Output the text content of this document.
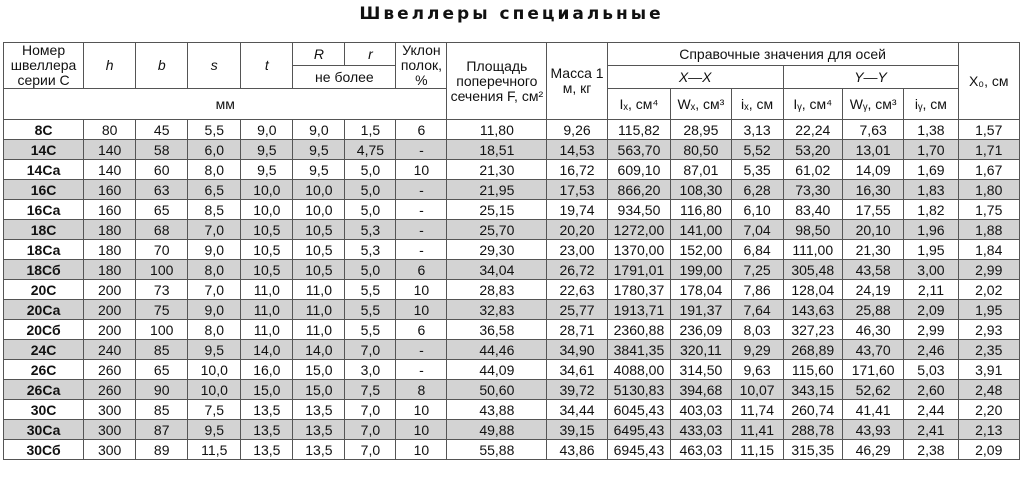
Швеллеры специальные
Номер швеллера серии С	h	b	s	t	R	r	Уклон полок, %	Площадь поперечного сечения F, см²	Масса 1 м, кг	Справочные значения для осей						X₀, см
					не более					X—X			Y—Y			
мм										Iₓ, см⁴	Wₓ, см³	iₓ, см	Iᵧ, см⁴	Wᵧ, см³	iᵧ, см	
8С	80	45	5,5	9,0	9,0	1,5	6	11,80	9,26	115,82	28,95	3,13	22,24	7,63	1,38	1,57
14С	140	58	6,0	9,5	9,5	4,75	-	18,51	14,53	563,70	80,50	5,52	53,20	13,01	1,70	1,71
14Са	140	60	8,0	9,5	9,5	5,0	10	21,30	16,72	609,10	87,01	5,35	61,02	14,09	1,69	1,67
16С	160	63	6,5	10,0	10,0	5,0	-	21,95	17,53	866,20	108,30	6,28	73,30	16,30	1,83	1,80
16Са	160	65	8,5	10,0	10,0	5,0	-	25,15	19,74	934,50	116,80	6,10	83,40	17,55	1,82	1,75
18С	180	68	7,0	10,5	10,5	5,3	-	25,70	20,20	1272,00	141,00	7,04	98,50	20,10	1,96	1,88
18Са	180	70	9,0	10,5	10,5	5,3	-	29,30	23,00	1370,00	152,00	6,84	111,00	21,30	1,95	1,84
18Сб	180	100	8,0	10,5	10,5	5,0	6	34,04	26,72	1791,01	199,00	7,25	305,48	43,58	3,00	2,99
20С	200	73	7,0	11,0	11,0	5,5	10	28,83	22,63	1780,37	178,04	7,86	128,04	24,19	2,11	2,02
20Са	200	75	9,0	11,0	11,0	5,5	10	32,83	25,77	1913,71	191,37	7,64	143,63	25,88	2,09	1,95
20Сб	200	100	8,0	11,0	11,0	5,5	6	36,58	28,71	2360,88	236,09	8,03	327,23	46,30	2,99	2,93
24С	240	85	9,5	14,0	14,0	7,0	-	44,46	34,90	3841,35	320,11	9,29	268,89	43,70	2,46	2,35
26С	260	65	10,0	16,0	15,0	3,0	-	44,09	34,61	4088,00	314,50	9,63	115,60	171,60	5,03	3,91
26Са	260	90	10,0	15,0	15,0	7,5	8	50,60	39,72	5130,83	394,68	10,07	343,15	52,62	2,60	2,48
30С	300	85	7,5	13,5	13,5	7,0	10	43,88	34,44	6045,43	403,03	11,74	260,74	41,41	2,44	2,20
30Са	300	87	9,5	13,5	13,5	7,0	10	49,88	39,15	6495,43	433,03	11,41	288,78	43,93	2,41	2,13
30Сб	300	89	11,5	13,5	13,5	7,0	10	55,88	43,86	6945,43	463,03	11,15	315,35	46,29	2,38	2,09
